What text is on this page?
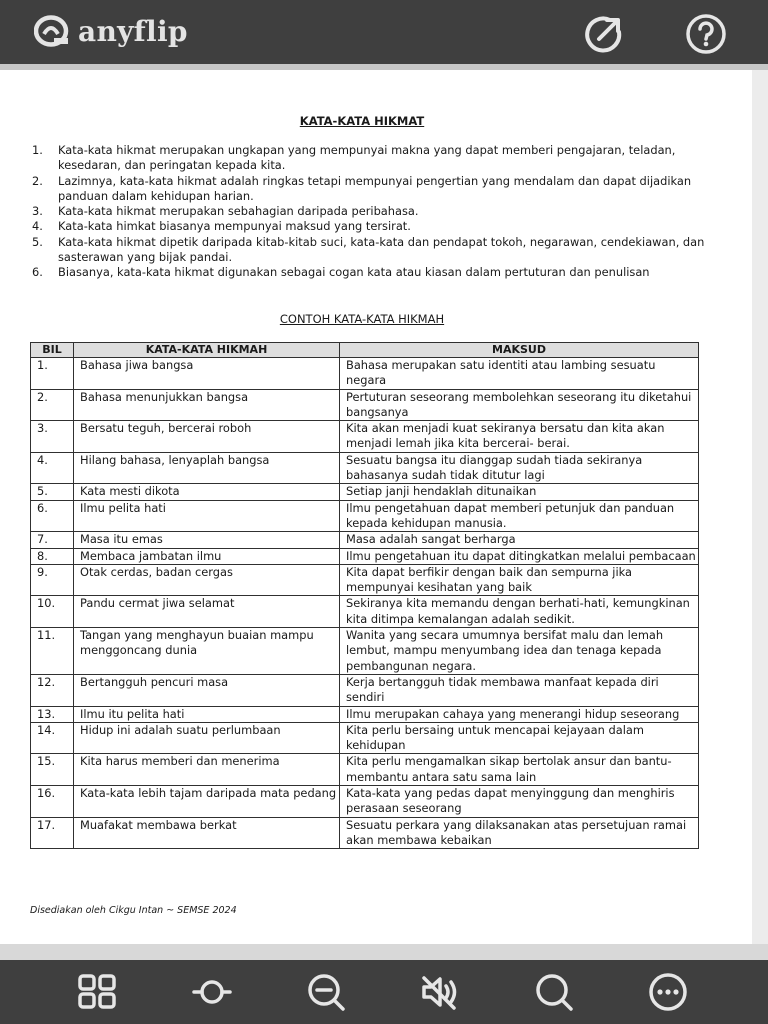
anyflip
KATA-KATA HIKMAT
1. Kata-kata hikmat merupakan ungkapan yang mempunyai makna yang dapat memberi pengajaran, teladan, kesedaran, dan peringatan kepada kita.
2. Lazimnya, kata-kata hikmat adalah ringkas tetapi mempunyai pengertian yang mendalam dan dapat dijadikan panduan dalam kehidupan harian.
3. Kata-kata hikmat merupakan sebahagian daripada peribahasa.
4. Kata-kata himkat biasanya mempunyai maksud yang tersirat.
5. Kata-kata hikmat dipetik daripada kitab-kitab suci, kata-kata dan pendapat tokoh, negarawan, cendekiawan, dan sasterawan yang bijak pandai.
6. Biasanya, kata-kata hikmat digunakan sebagai cogan kata atau kiasan dalam pertuturan dan penulisan
CONTOH KATA-KATA HIKMAH
BIL	KATA-KATA HIKMAH	MAKSUD
1.	Bahasa jiwa bangsa	Bahasa merupakan satu identiti atau lambing sesuatu negara
2.	Bahasa menunjukkan bangsa	Pertuturan seseorang membolehkan seseorang itu diketahui bangsanya
3.	Bersatu teguh, bercerai roboh	Kita akan menjadi kuat sekiranya bersatu dan kita akan menjadi lemah jika kita bercerai- berai.
4.	Hilang bahasa, lenyaplah bangsa	Sesuatu bangsa itu dianggap sudah tiada sekiranya bahasanya sudah tidak ditutur lagi
5.	Kata mesti dikota	Setiap janji hendaklah ditunaikan
6.	Ilmu pelita hati	Ilmu pengetahuan dapat memberi petunjuk dan panduan kepada kehidupan manusia.
7.	Masa itu emas	Masa adalah sangat berharga
8.	Membaca jambatan ilmu	Ilmu pengetahuan itu dapat ditingkatkan melalui pembacaan
9.	Otak cerdas, badan cergas	Kita dapat berfikir dengan baik dan sempurna jika mempunyai kesihatan yang baik
10.	Pandu cermat jiwa selamat	Sekiranya kita memandu dengan berhati-hati, kemungkinan kita ditimpa kemalangan adalah sedikit.
11.	Tangan yang menghayun buaian mampu menggoncang dunia	Wanita yang secara umumnya bersifat malu dan lemah lembut, mampu menyumbang idea dan tenaga kepada pembangunan negara.
12.	Bertangguh pencuri masa	Kerja bertangguh tidak membawa manfaat kepada diri sendiri
13.	Ilmu itu pelita hati	Ilmu merupakan cahaya yang menerangi hidup seseorang
14.	Hidup ini adalah suatu perlumbaan	Kita perlu bersaing untuk mencapai kejayaan dalam kehidupan
15.	Kita harus memberi dan menerima	Kita perlu mengamalkan sikap bertolak ansur dan bantu-membantu antara satu sama lain
16.	Kata-kata lebih tajam daripada mata pedang	Kata-kata yang pedas dapat menyinggung dan menghiris perasaan seseorang
17.	Muafakat membawa berkat	Sesuatu perkara yang dilaksanakan atas persetujuan ramai akan membawa kebaikan
Disediakan oleh Cikgu Intan ~ SEMSE 2024
